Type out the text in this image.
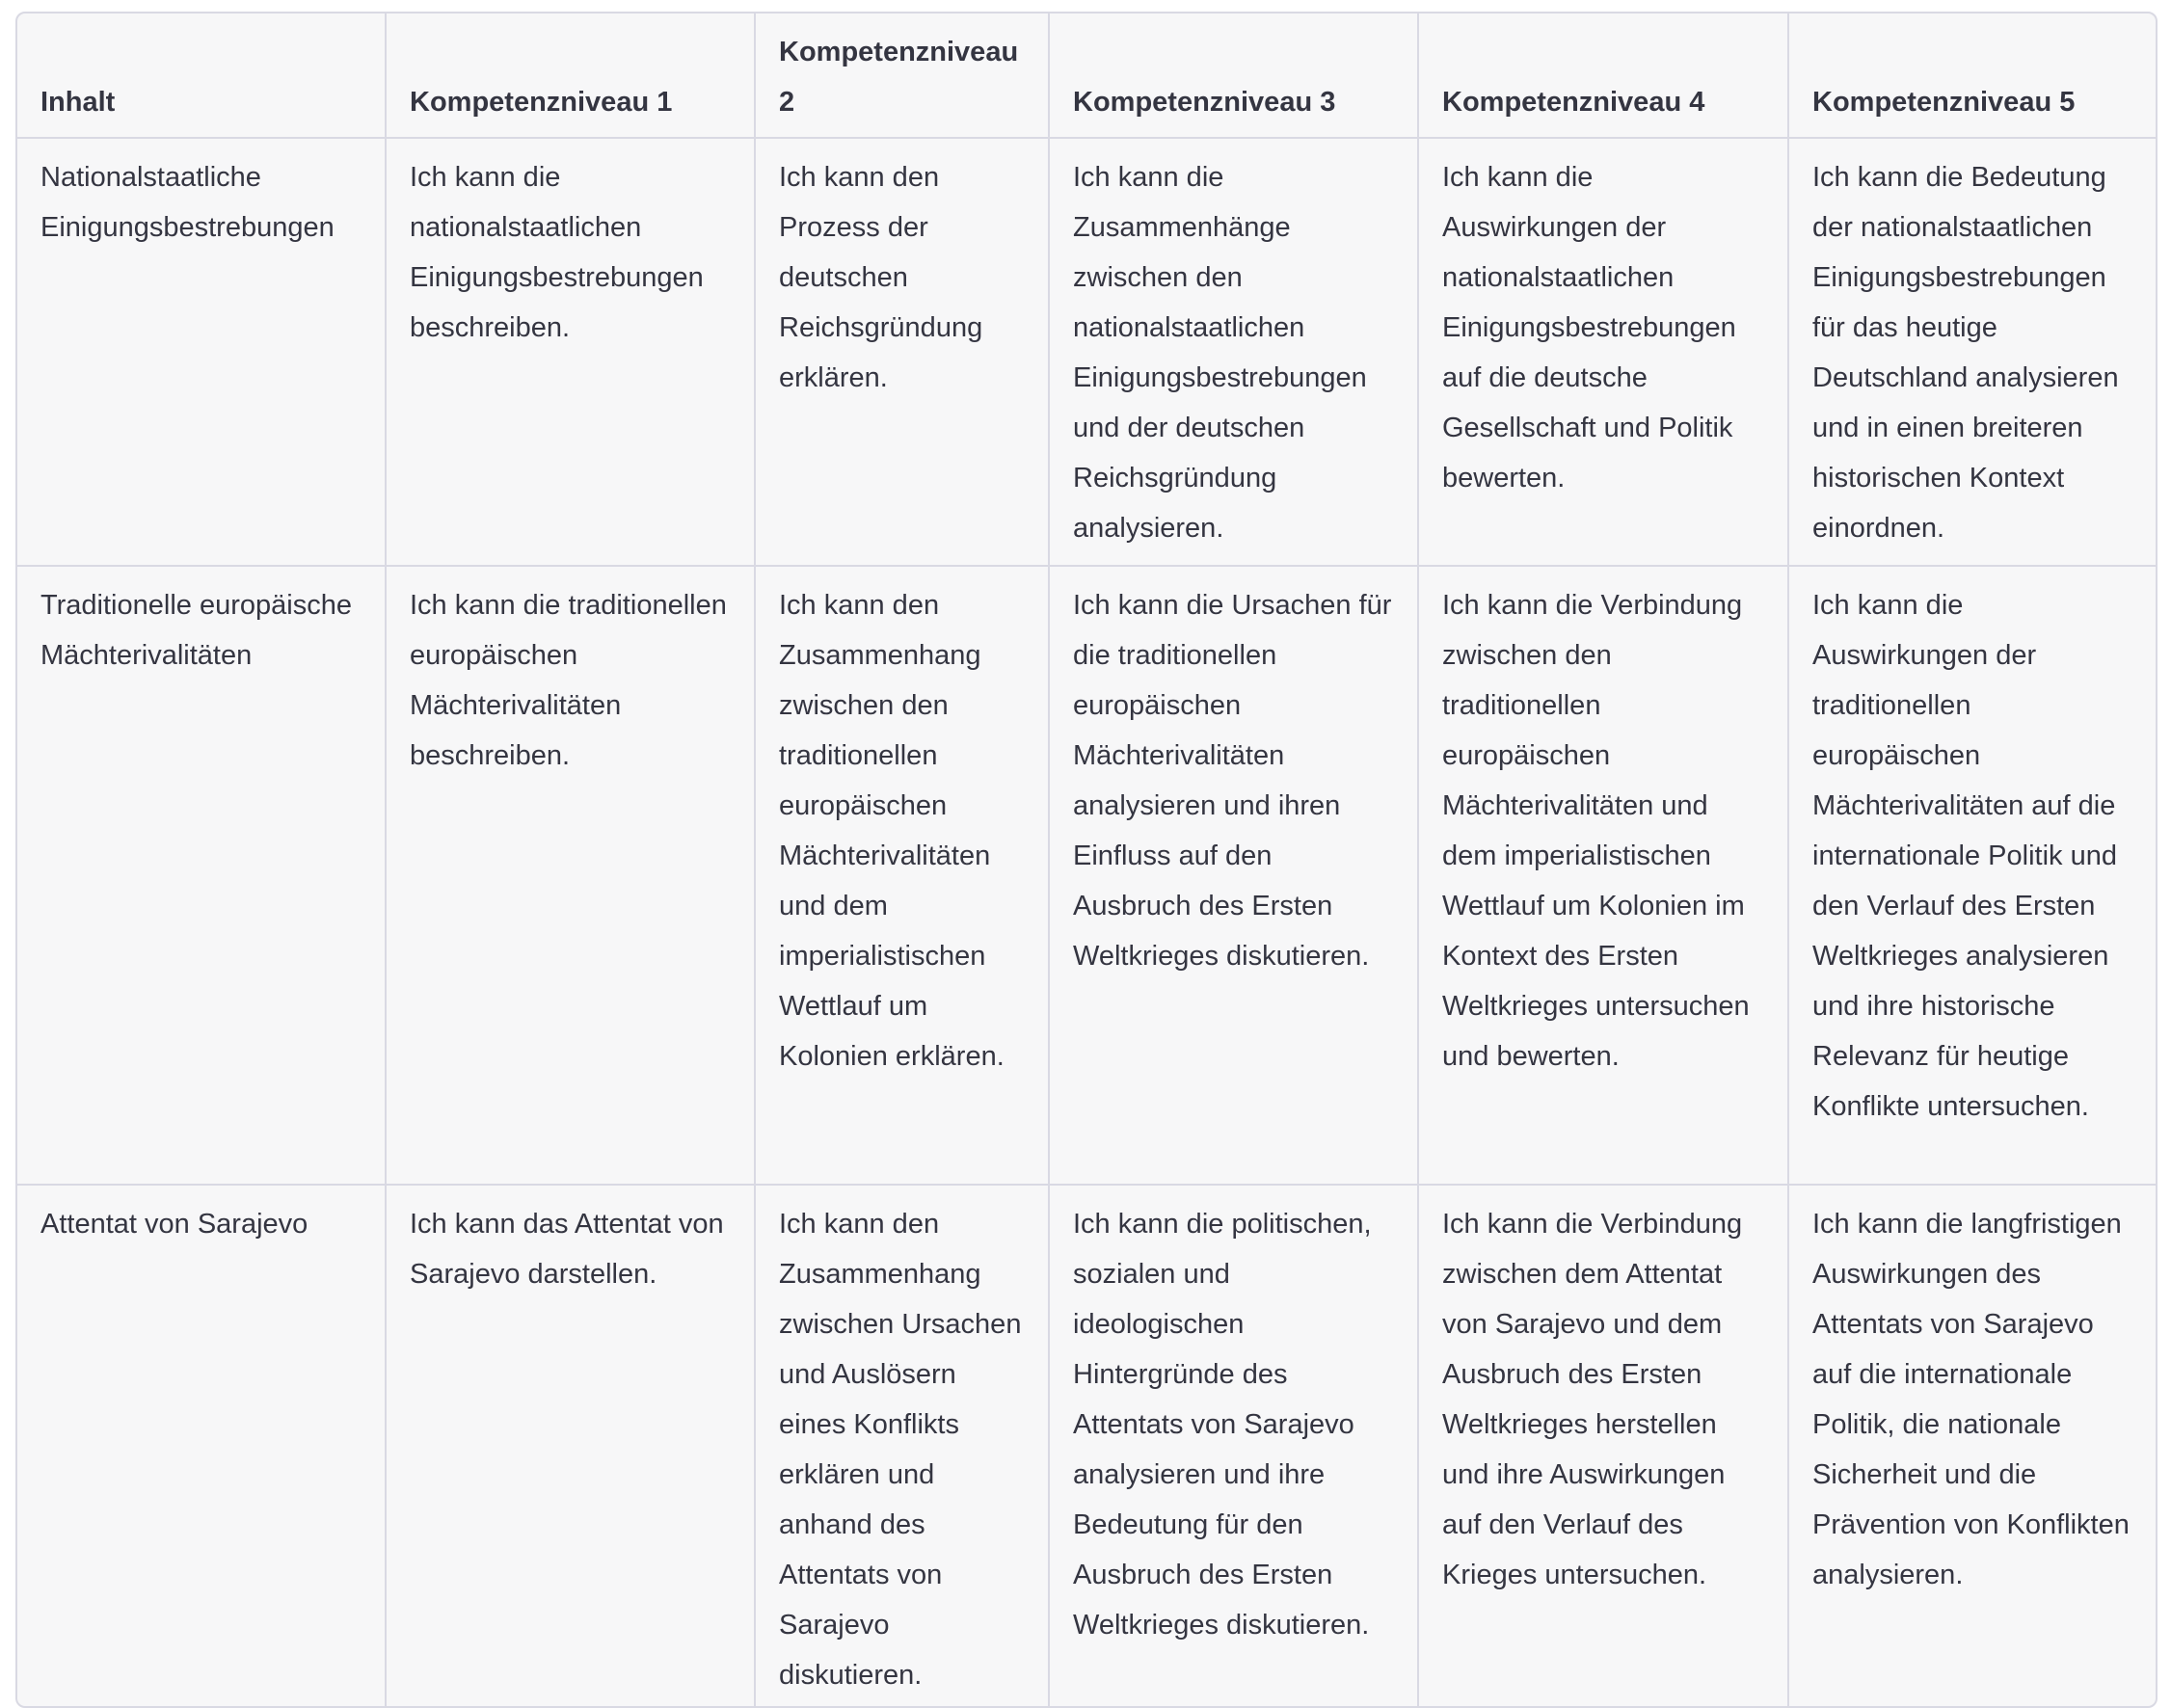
Inhalt	Kompetenzniveau 1	Kompetenzniveau 2	Kompetenzniveau 3	Kompetenzniveau 4	Kompetenzniveau 5
Nationalstaatliche Einigungsbestrebungen	Ich kann die nationalstaatlichen Einigungsbestrebungen beschreiben.	Ich kann den Prozess der deutschen Reichsgründung erklären.	Ich kann die Zusammenhänge zwischen den nationalstaatlichen Einigungsbestrebungen und der deutschen Reichsgründung analysieren.	Ich kann die Auswirkungen der nationalstaatlichen Einigungsbestrebungen auf die deutsche Gesellschaft und Politik bewerten.	Ich kann die Bedeutung der nationalstaatlichen Einigungsbestrebungen für das heutige Deutschland analysieren und in einen breiteren historischen Kontext einordnen.
Traditionelle europäische Mächterivalitäten	Ich kann die traditionellen europäischen Mächterivalitäten beschreiben.	Ich kann den Zusammenhang zwischen den traditionellen europäischen Mächterivalitäten und dem imperialistischen Wettlauf um Kolonien erklären.	Ich kann die Ursachen für die traditionellen europäischen Mächterivalitäten analysieren und ihren Einfluss auf den Ausbruch des Ersten Weltkrieges diskutieren.	Ich kann die Verbindung zwischen den traditionellen europäischen Mächterivalitäten und dem imperialistischen Wettlauf um Kolonien im Kontext des Ersten Weltkrieges untersuchen und bewerten.	Ich kann die Auswirkungen der traditionellen europäischen Mächterivalitäten auf die internationale Politik und den Verlauf des Ersten Weltkrieges analysieren und ihre historische Relevanz für heutige Konflikte untersuchen.
Attentat von Sarajevo	Ich kann das Attentat von Sarajevo darstellen.	Ich kann den Zusammenhang zwischen Ursachen und Auslösern eines Konflikts erklären und anhand des Attentats von Sarajevo diskutieren.	Ich kann die politischen, sozialen und ideologischen Hintergründe des Attentats von Sarajevo analysieren und ihre Bedeutung für den Ausbruch des Ersten Weltkrieges diskutieren.	Ich kann die Verbindung zwischen dem Attentat von Sarajevo und dem Ausbruch des Ersten Weltkrieges herstellen und ihre Auswirkungen auf den Verlauf des Krieges untersuchen.	Ich kann die langfristigen Auswirkungen des Attentats von Sarajevo auf die internationale Politik, die nationale Sicherheit und die Prävention von Konflikten analysieren.
